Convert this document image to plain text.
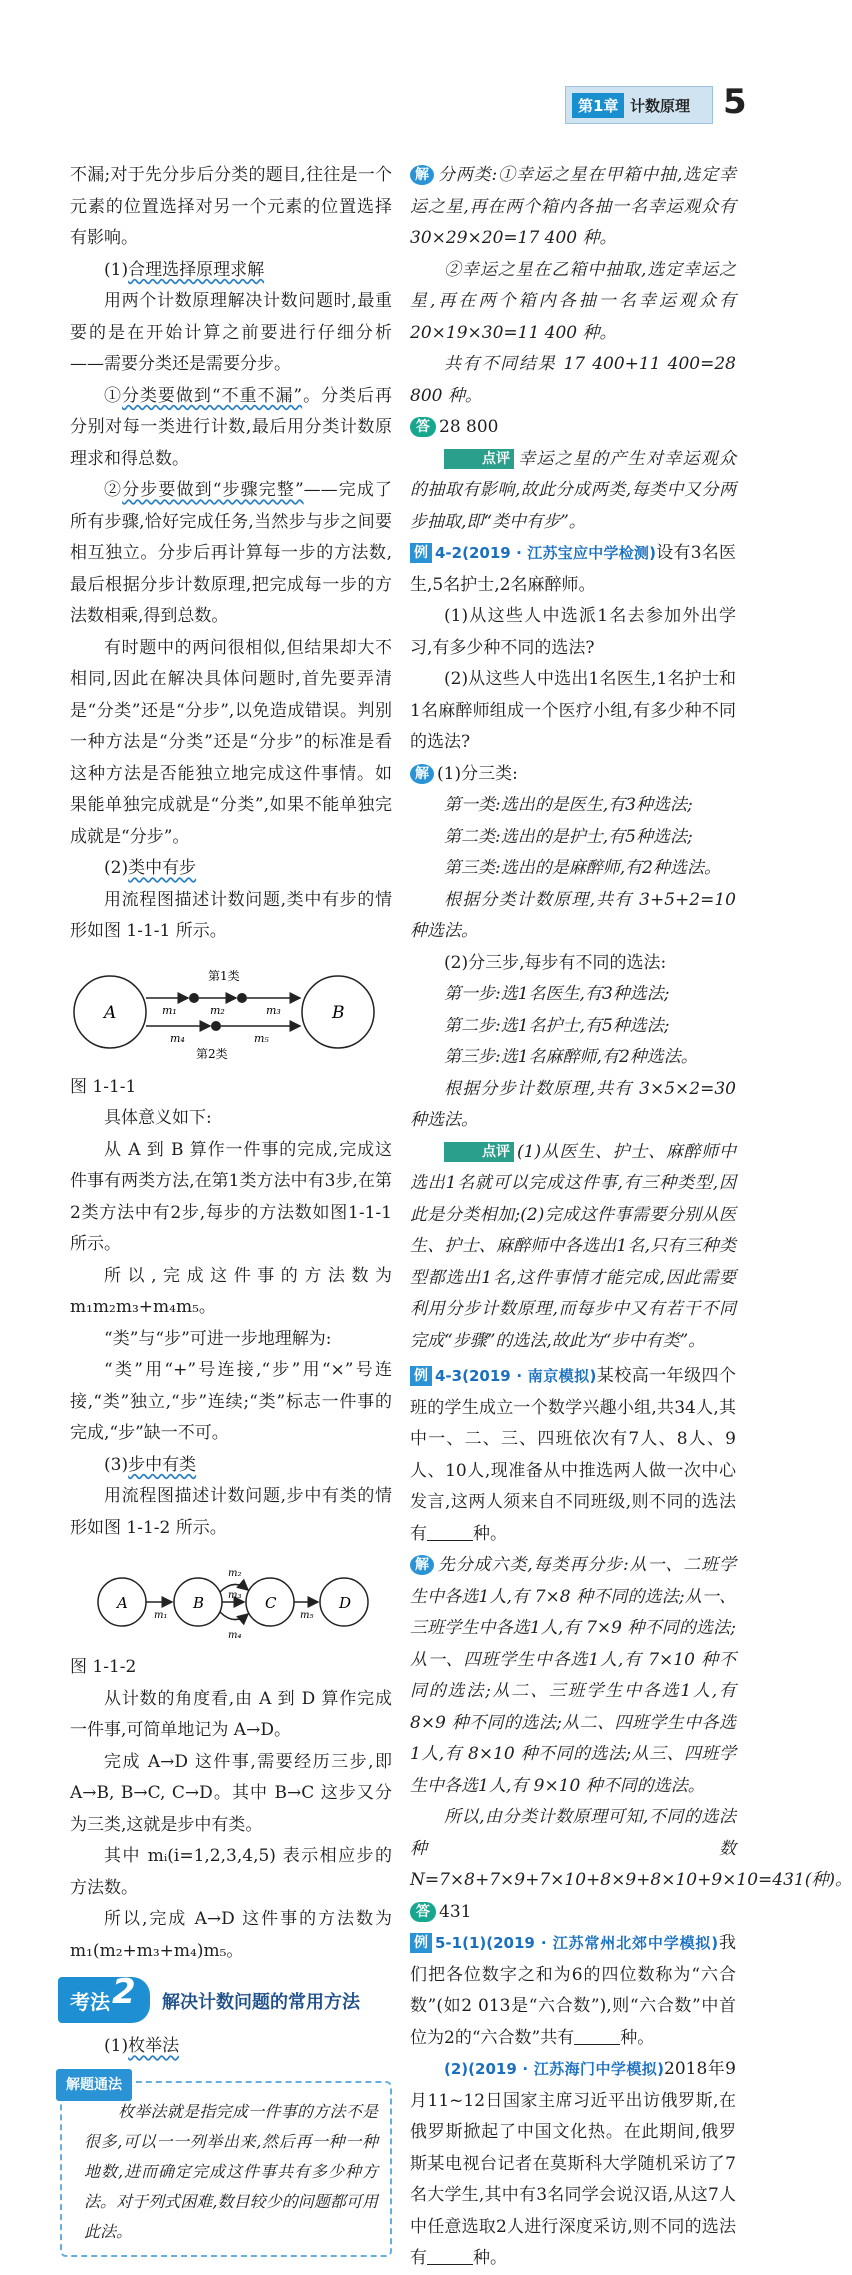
第1章 计数原理 5

不漏;对于先分步后分类的题目,往往是一个元素的位置选择对另一个元素的位置选择有影响。

(1)合理选择原理求解

用两个计数原理解决计数问题时,最重要的是在开始计算之前要进行仔细分析——需要分类还是需要分步。

①分类要做到“不重不漏”。分类后再分别对每一类进行计数,最后用分类计数原理求和得总数。

②分步要做到“步骤完整”——完成了所有步骤,恰好完成任务,当然步与步之间要相互独立。分步后再计算每一步的方法数,最后根据分步计数原理,把完成每一步的方法数相乘,得到总数。

有时题中的两问很相似,但结果却大不相同,因此在解决具体问题时,首先要弄清是“分类”还是“分步”,以免造成错误。判别一种方法是“分类”还是“分步”的标准是看这种方法是否能独立地完成这件事情。如果能单独完成就是“分类”,如果不能单独完成就是“分步”。

(2)类中有步

用流程图描述计数问题,类中有步的情形如图 1-1-1 所示。

A	B
m₁	m₂	m₃
m₄	m₅
第1类
第2类

图 1-1-1

具体意义如下:

从 A 到 B 算作一件事的完成,完成这件事有两类方法,在第1类方法中有3步,在第2类方法中有2步,每步的方法数如图1-1-1所示。

所以,完成这件事的方法数为 m₁m₂m₃+m₄m₅。

“类”与“步”可进一步地理解为:

“类”用“+”号连接,“步”用“×”号连接,“类”独立,“步”连续;“类”标志一件事的完成,“步”缺一不可。

(3)步中有类

用流程图描述计数问题,步中有类的情形如图 1-1-2 所示。

A	B	C	D
m₁
m₂
m₃
m₄
m₅

图 1-1-2

从计数的角度看,由 A 到 D 算作完成一件事,可简单地记为 A→D。

完成 A→D 这件事,需要经历三步,即 A→B, B→C, C→D。其中 B→C 这步又分为三类,这就是步中有类。

其中 mᵢ(i=1,2,3,4,5) 表示相应步的方法数。

所以,完成 A→D 这件事的方法数为 m₁(m₂+m₃+m₄)m₅。

考法 2 解决计数问题的常用方法

(1)枚举法

解题通法

枚举法就是指完成一件事的方法不是很多,可以一一列举出来,然后再一种一种地数,进而确定完成这件事共有多少种方法。对于列式困难,数目较少的问题都可用此法。

解 分两类:①幸运之星在甲箱中抽,选定幸运之星,再在两个箱内各抽一名幸运观众有 30×29×20=17 400 种。

②幸运之星在乙箱中抽取,选定幸运之星,再在两个箱内各抽一名幸运观众有 20×19×30=11 400 种。

共有不同结果 17 400+11 400=28 800 种。

答 28 800

点评 幸运之星的产生对幸运观众的抽取有影响,故此分成两类,每类中又分两步抽取,即“类中有步”。

例 4-2(2019 · 江苏宝应中学检测)设有3名医生,5名护士,2名麻醉师。

(1)从这些人中选派1名去参加外出学习,有多少种不同的选法?

(2)从这些人中选出1名医生,1名护士和1名麻醉师组成一个医疗小组,有多少种不同的选法?

解 (1)分三类:

第一类:选出的是医生,有3种选法;

第二类:选出的是护士,有5种选法;

第三类:选出的是麻醉师,有2种选法。

根据分类计数原理,共有 3+5+2=10 种选法。

(2)分三步,每步有不同的选法:

第一步:选1名医生,有3种选法;

第二步:选1名护士,有5种选法;

第三步:选1名麻醉师,有2种选法。

根据分步计数原理,共有 3×5×2=30 种选法。

点评 (1)从医生、护士、麻醉师中选出1名就可以完成这件事,有三种类型,因此是分类相加;(2)完成这件事需要分别从医生、护士、麻醉师中各选出1名,只有三种类型都选出1名,这件事情才能完成,因此需要利用分步计数原理,而每步中又有若干不同完成“步骤”的选法,故此为“步中有类”。

例 4-3(2019 · 南京模拟)某校高一年级四个班的学生成立一个数学兴趣小组,共34人,其中一、二、三、四班依次有7人、8人、9人、10人,现准备从中推选两人做一次中心发言,这两人须来自不同班级,则不同的选法有	种。

解 先分成六类,每类再分步:从一、二班学生中各选1人,有 7×8 种不同的选法;从一、三班学生中各选1人,有 7×9 种不同的选法;从一、四班学生中各选1人,有 7×10 种不同的选法;从二、三班学生中各选1人,有 8×9 种不同的选法;从二、四班学生中各选1人,有 8×10 种不同的选法;从三、四班学生中各选1人,有 9×10 种不同的选法。

所以,由分类计数原理可知,不同的选法种数 N=7×8+7×9+7×10+8×9+8×10+9×10=431(种)。

答 431

例 5-1(1)(2019 · 江苏常州北郊中学模拟)我们把各位数字之和为6的四位数称为“六合数”(如2 013是“六合数”),则“六合数”中首位为2的“六合数”共有	种。

(2)(2019 · 江苏海门中学模拟)2018年9月11~12日国家主席习近平出访俄罗斯,在俄罗斯掀起了中国文化热。在此期间,俄罗斯某电视台记者在莫斯科大学随机采访了7名大学生,其中有3名同学会说汉语,从这7人中任意选取2人进行深度采访,则不同的选法有	种。
